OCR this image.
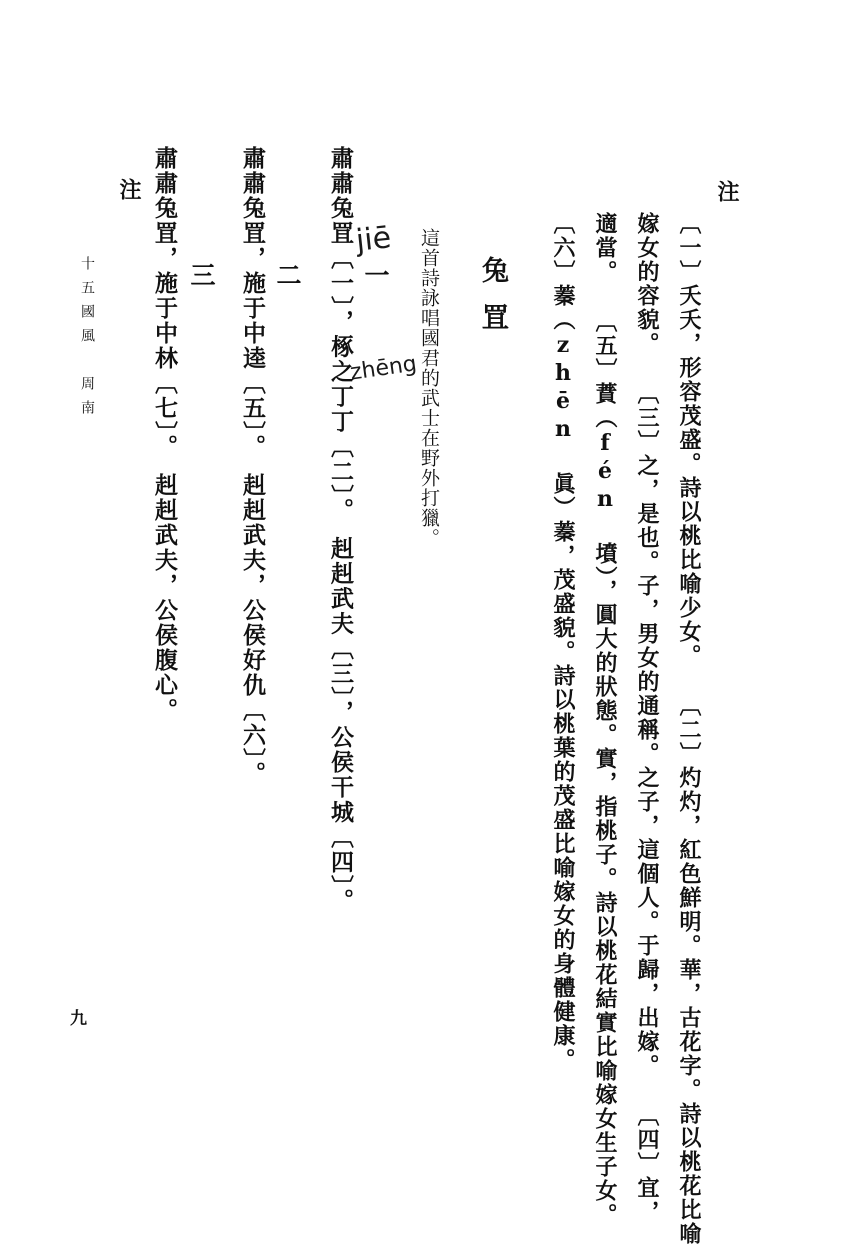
注
〔一〕夭夭，形容茂盛。詩以桃比喻少女。　　〔二〕灼灼，紅色鮮明。華，古花字。詩以桃花比喻
嫁女的容貌。　　〔三〕之，是也。子，男女的通稱。之子，這個人。于歸，出嫁。　　〔四〕宜，
適當。　　〔五〕蕡（fén 墳），圓大的狀態。實，指桃子。詩以桃花結實比喻嫁女生子女。
〔六〕蓁（zhēn 眞）蓁，茂盛貌。詩以桃葉的茂盛比喻嫁女的身體健康。
兔罝
這首詩詠唱國君的武士在野外打獵。
jiē
zhēng
一
肅肅兔罝〔一〕，椓之丁丁〔二〕。　赳赳武夫〔三〕，公侯干城〔四〕。
二
肅肅兔罝，施于中逵〔五〕。　赳赳武夫，公侯好仇〔六〕。
三
肅肅兔罝，施于中林〔七〕。　赳赳武夫，公侯腹心。
注
十五國風　周南
九
